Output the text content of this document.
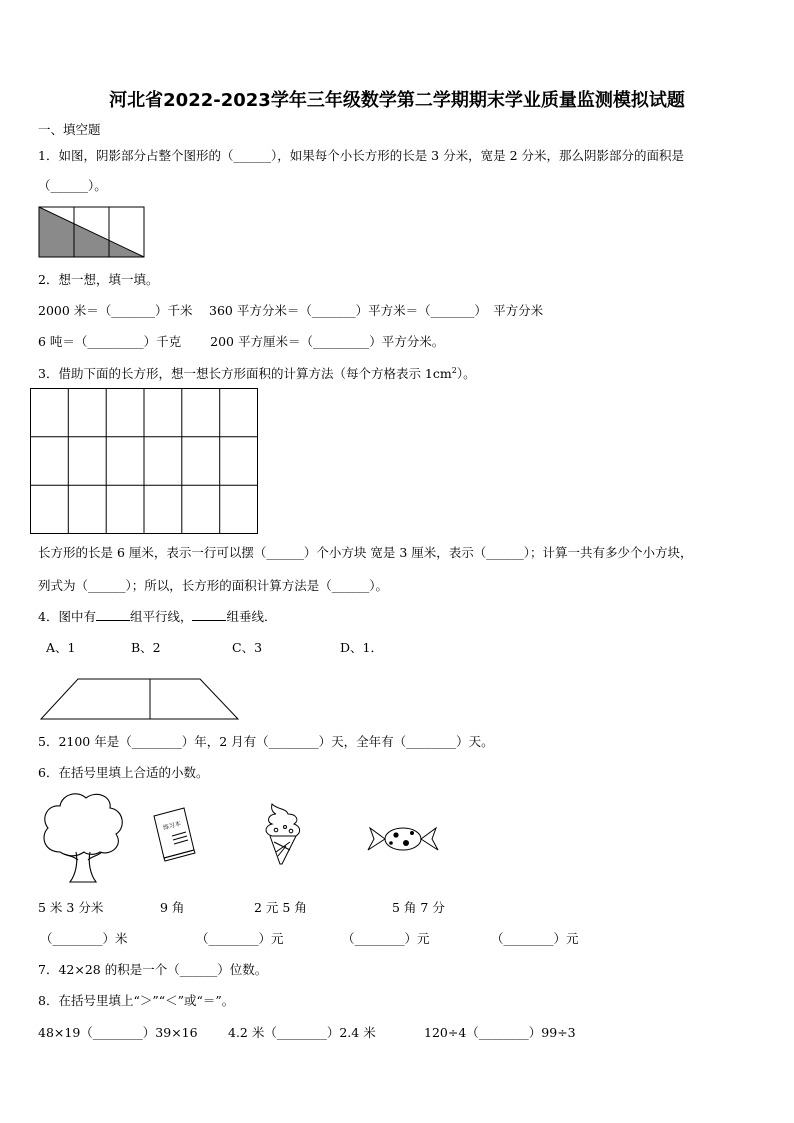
河北省2022-2023学年三年级数学第二学期期末学业质量监测模拟试题
一、填空题
1．如图，阴影部分占整个图形的（______），如果每个小长方形的长是 3 分米，宽是 2 分米，那么阴影部分的面积是
（______）。
2．想一想，填一填。
2000 米＝（_______）千米　 360 平方分米＝（_______）平方米＝（_______）　平方分米
6 吨＝（_________）千克　　 200 平方厘米＝（_________）平方分米。
3．借助下面的长方形，想一想长方形面积的计算方法（每个方格表示 $1cm^2$）。
长方形的长是 6 厘米，表示一行可以摆（______）个小方块 宽是 3 厘米，表示（______）；计算一共有多少个小方块，
列式为（______）；所以，长方形的面积计算方法是（______）。
4．图中有	组平行线，	组垂线．
A、1	B、2	C、3	D、1．
5．2100 年是（________）年，2 月有（________）天，全年有（________）天。
6．在括号里填上合适的小数。
练习本
5 米 3 分米	9 角	2 元 5 角	5 角 7 分
（________）米	（________）元	（________）元	（________）元
7．42×28 的积是一个（______）位数。
8．在括号里填上“＞”“＜”或“＝”。
48×19（________）39×16 4.2 米（________）2.4 米	120÷4（________）99÷3
